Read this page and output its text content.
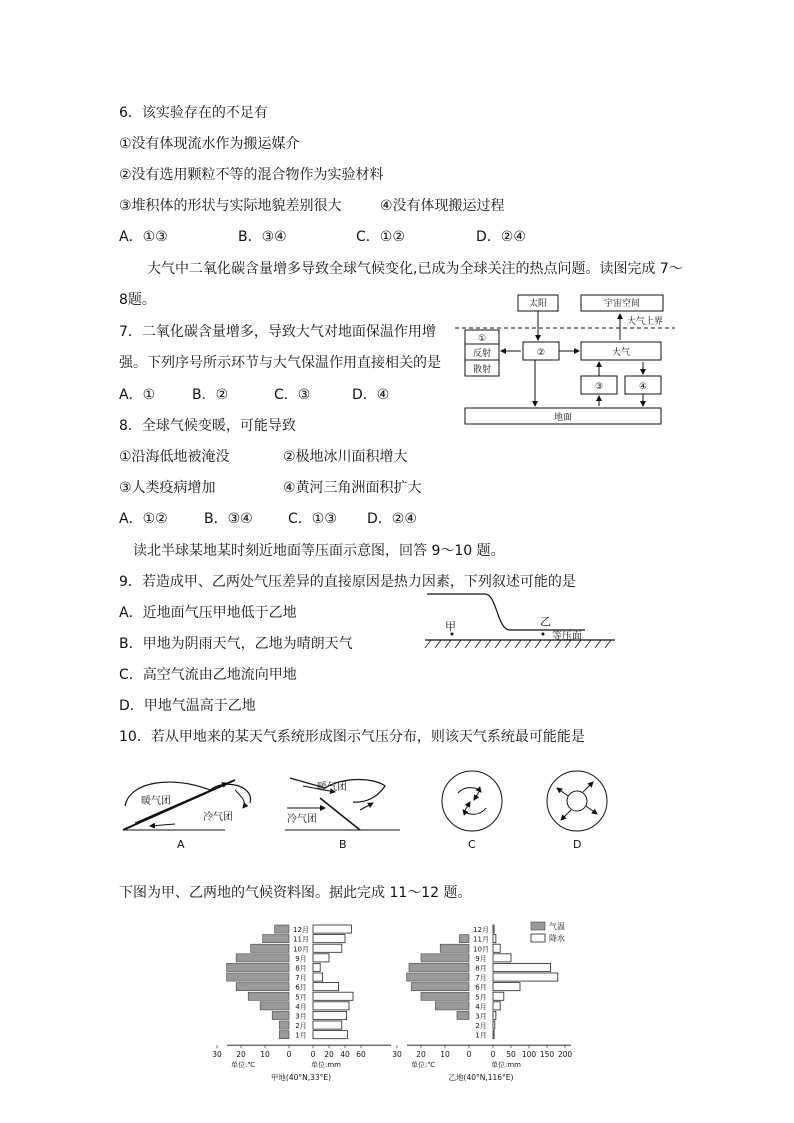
6．该实验存在的不足有
①没有体现流水作为搬运媒介
②没有选用颗粒不等的混合物作为实验材料
③堆积体的形状与实际地貌差别很大	④没有体现搬运过程
A．①③	B．③④	C．①②	D．②④
大气中二氧化碳含量增多导致全球气候变化,已成为全球关注的热点问题。读图完成 7～
8题。
7．二氧化碳含量增多，导致大气对地面保温作用增
强。下列序号所示环节与大气保温作用直接相关的是
A．①	B．②	C．③	D．④
太阳	宇宙空间
大气上界
①
反射
散射
②	大气
③	④
地面
8．全球气候变暖，可能导致
①沿海低地被淹没	②极地冰川面积增大
③人类疫病增加	④黄河三角洲面积扩大
A．①②	B．③④	C．①③ D．②④
读北半球某地某时刻近地面等压面示意图，回答 9～10 题。
9．若造成甲、乙两处气压差异的直接原因是热力因素，下列叙述可能的是
A．近地面气压甲地低于乙地
B．甲地为阴雨天气，乙地为晴朗天气
C．高空气流由乙地流向甲地
D．甲地气温高于乙地
甲	乙
等压面
10．若从甲地来的某天气系统形成图示气压分布，则该天气系统最可能能是
暖气团
冷气团
A
暖气团
冷气团
B	C	D
下图为甲、乙两地的气候资料图。据此完成 11～12 题。
1月
2月
3月
4月
5月
6月
7月
8月
9月
10月
11月
12月
30 20 10 0	0 20 40 60
单位:℃	单位:mm
甲地(40°N,33°E)
1月
2月
3月
4月
5月
6月
7月
8月
9月
10月
11月
12月
30 20 10 0	0 50 100 150 200
单位:℃	单位:mm
乙地(40°N,116°E)
气温
降水
